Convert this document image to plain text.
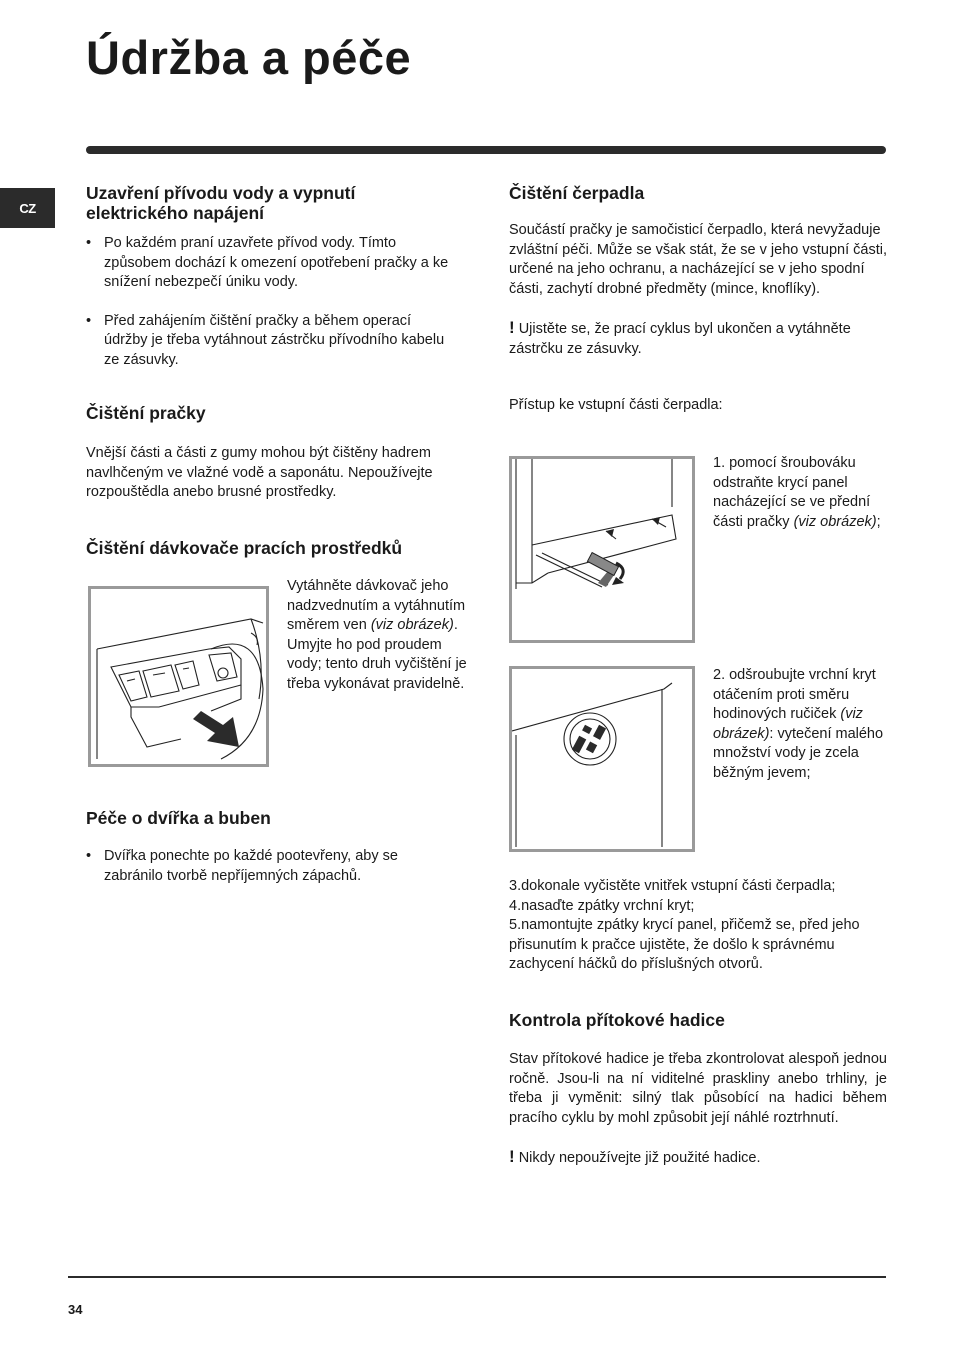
Údržba a péče
CZ
Uzavření přívodu vody a vypnutí elektrického napájení
• Po každém praní uzavřete přívod vody. Tímto způsobem dochází k omezení opotřebení pračky a ke snížení nebezpečí úniku vody.
• Před zahájením čištění pračky a během operací údržby je třeba vytáhnout zástrčku přívodního kabelu ze zásuvky.
Čištění pračky

Vnější části a části z gumy mohou být čištěny hadrem navlhčeným ve vlažné vodě a saponátu. Nepoužívejte rozpouštědla anebo brusné prostředky.

Čištění dávkovače pracích prostředků

Vytáhněte dávkovač jeho nadzvednutím a vytáhnutím směrem ven (viz obrázek).

Umyjte ho pod proudem vody; tento druh vyčištění je třeba vykonávat pravidelně.

Péče o dvířka a buben
• Dvířka ponechte po každé pootevřeny, aby se zabránilo tvorbě nepříjemných zápachů.
Čištění čerpadla

Součástí pračky je samočisticí čerpadlo, která nevyžaduje zvláštní péči. Může se však stát, že se v jeho vstupní části, určené na jeho ochranu, a nacházející se v jeho spodní části, zachytí drobné předměty (mince, knoflíky).

! Ujistěte se, že prací cyklus byl ukončen a vytáhněte zástrčku ze zásuvky.

Přístup ke vstupní části čerpadla:

1. pomocí šroubováku odstraňte krycí panel nacházející se ve přední části pračky (viz obrázek);

2. odšroubujte vrchní kryt otáčením proti směru hodinových ručiček (viz obrázek): vytečení malého množství vody je zcela běžným jevem;

3.dokonale vyčistěte vnitřek vstupní části čerpadla;

4.nasaďte zpátky vrchní kryt;

5.namontujte zpátky krycí panel, přičemž se, před jeho přisunutím k pračce ujistěte, že došlo k správnému zachycení háčků do příslušných otvorů.

Kontrola přítokové hadice

Stav přítokové hadice je třeba zkontrolovat alespoň jednou ročně. Jsou-li na ní viditelné praskliny anebo trhliny, je třeba ji vyměnit: silný tlak působící na hadici během pracího cyklu by mohl způsobit její náhlé roztrhnutí.

! Nikdy nepoužívejte již použité hadice.

34
